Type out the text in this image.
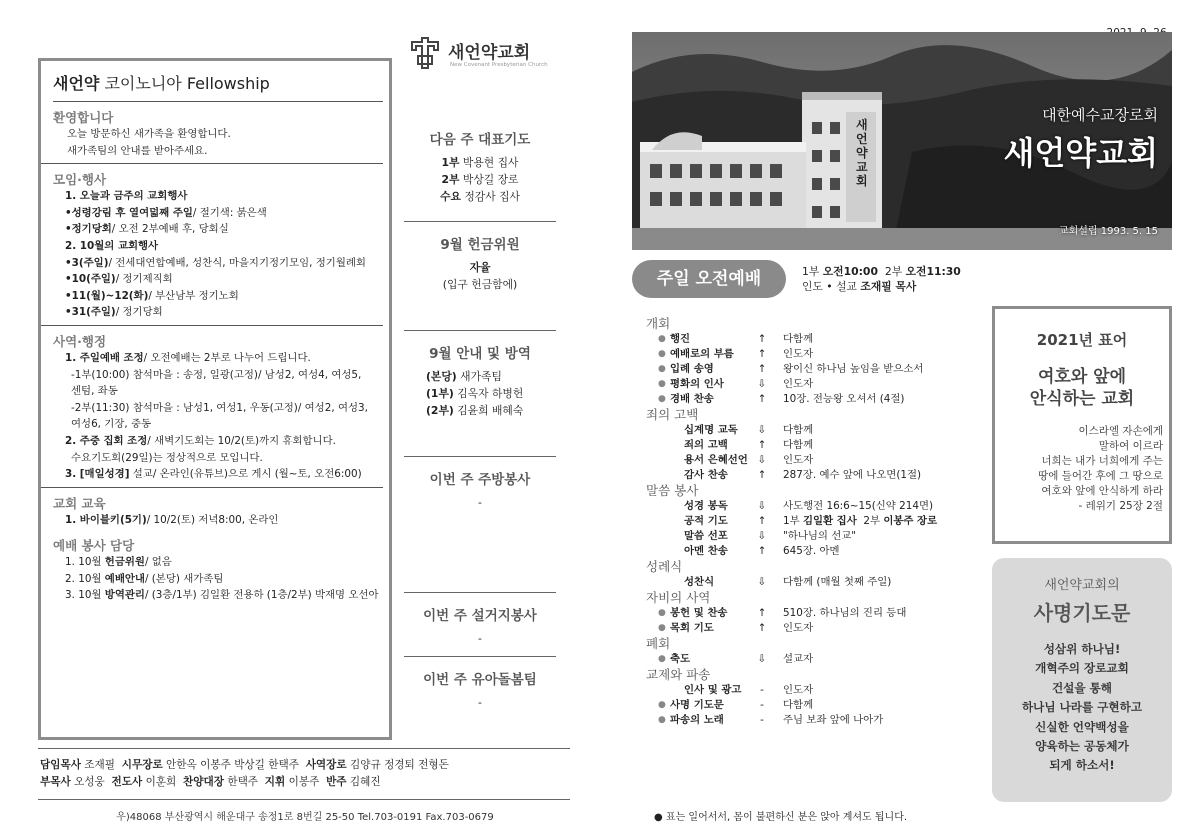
새언약 코이노니아 Fellowship
환영합니다
오늘 방문하신 새가족을 환영합니다.
새가족팀의 안내를 받아주세요.
모임·행사
1. 오늘과 금주의 교회행사
•성령강림 후 열여덟째 주일/ 절기색: 붉은색
•정기당회/ 오전 2부예배 후, 당회실
2. 10월의 교회행사
•3(주일)/ 전세대연합예배, 성찬식, 마을지기정기모임, 정기월례회
•10(주일)/ 정기제직회
•11(월)~12(화)/ 부산남부 정기노회
•31(주일)/ 정기당회
사역·행정
1. 주일예배 조정/ 오전예배는 2부로 나누어 드립니다.
-1부(10:00) 참석마을 : 송정, 일광(고정)/ 남성2, 여성4, 여성5,
센텀, 좌동
-2부(11:30) 참석마을 : 남성1, 여성1, 우동(고정)/ 여성2, 여성3,
여성6, 기장, 중동
2. 주중 집회 조정/ 새벽기도회는 10/2(토)까지 휴회합니다.
수요기도회(29일)는 정상적으로 모입니다.
3. [매일성경] 설교/ 온라인(유튜브)으로 게시 (월~토, 오전6:00)
교회 교육
1. 바이블키(5기)/ 10/2(토) 저녁8:00, 온라인
예배 봉사 담당
1. 10월 헌금위원/ 없음
2. 10월 예배안내/ (본당) 새가족팀
3. 10월 방역관리/ (3층/1부) 김일환 전용하 (1층/2부) 박재명 오선아
새언약교회
New Covenant Presbyterian Church
다음 주 대표기도
1부 박용현 집사
2부 박상길 장로
수요 정감사 집사
9월 헌금위원
자율
(입구 헌금함에)
9월 안내 및 방역
(본당) 새가족팀
(1부) 김옥자 하병헌
(2부) 김윤희 배혜숙
이번 주 주방봉사
-
이번 주 설거지봉사
-
이번 주 유아돌봄팀
-
담임목사 조재필  시무장로 안한옥 이봉주 박상길 한택주  사역장로 김양규 정경퇴 전형돈
부목사 오성웅  전도사 이훈희  찬양대장 한택주  지휘 이봉주  반주 김혜진
우)48068 부산광역시 해운대구 송정1로 8번길 25-50 Tel.703-0191 Fax.703-0679
새언약교회
대한예수교장로회
새언약교회
교회설립 1993. 5. 15
주일 오전예배	1부 오전10:00  2부 오전11:30
인도 • 설교 조재필 목사
개회
● 행진	↑ 다함께
● 예배로의 부름 ↑ 인도자
● 입례 송영	↑ 왕이신 하나님 높임을 받으소서
● 평화의 인사	⇩ 인도자
● 경배 찬송	↑ 10장. 전능왕 오셔서 (4절)
죄의 고백
십계명 교독 ⇩ 다함께
죄의 고백	↑ 다함께
용서 은혜선언 ⇩ 인도자
감사 찬송	↑ 287장. 예수 앞에 나오면(1절)
말씀 봉사
성경 봉독	⇩ 사도행전 16:6~15(신약 214면)
공적 기도	↑ 1부 김일환 집사  2부 이봉주 장로
말씀 선포	⇩ "하나님의 선교"
아멘 찬송	↑ 645장. 아멘
성례식
성찬식	⇩ 다함께 (매월 첫째 주일)
자비의 사역
● 봉헌 및 찬송	↑ 510장. 하나님의 진리 등대
● 목회 기도	↑ 인도자
폐회
● 축도	⇩ 설교자
교제와 파송
인사 및 광고	-	인도자
● 사명 기도문	-	다함께
● 파송의 노래	-	주님 보좌 앞에 나아가
● 표는 일어서서, 몸이 불편하신 분은 앉아 계셔도 됩니다.
2021년 표어
여호와 앞에
안식하는 교회
이스라엘 자손에게
말하여 이르라
너희는 내가 너희에게 주는
땅에 들어간 후에 그 땅으로
여호와 앞에 안식하게 하라
- 레위기 25장 2절
새언약교회의
사명기도문
성삼위 하나님!
개혁주의 장로교회
건설을 통해
하나님 나라를 구현하고
신실한 언약백성을
양육하는 공동체가
되게 하소서!
